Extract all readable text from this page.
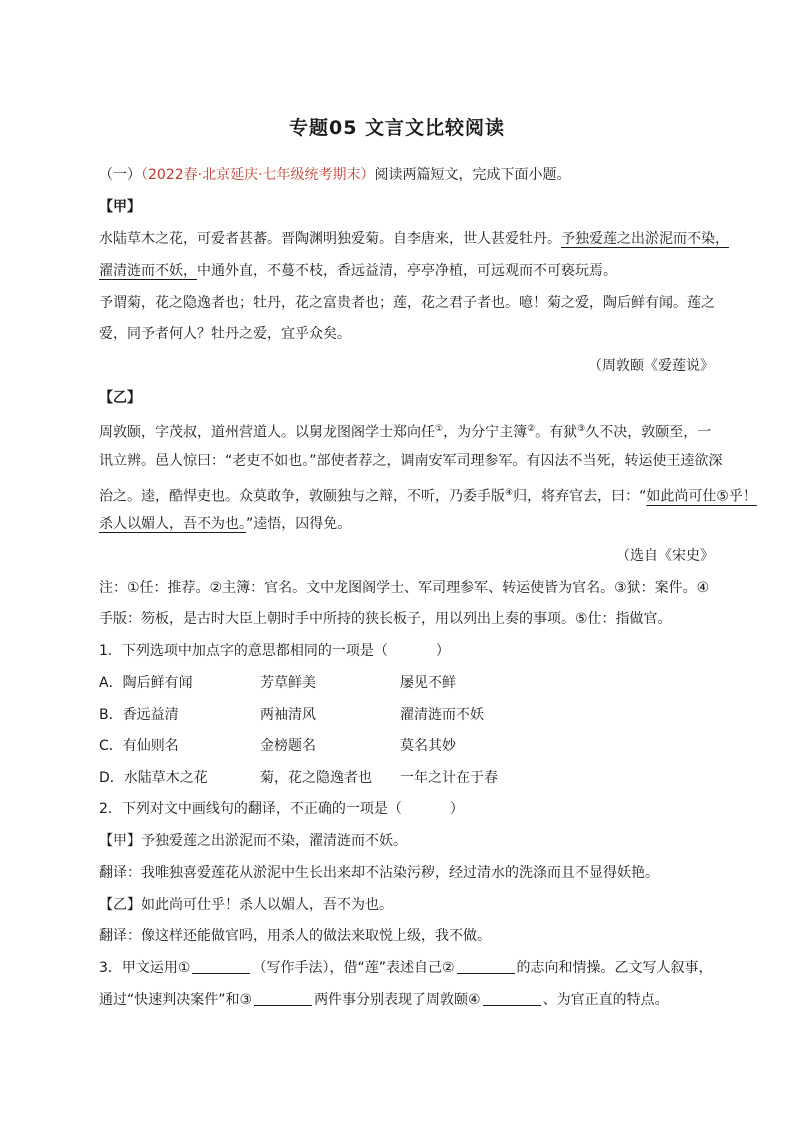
专题05 文言文比较阅读
（一）（2022春·北京延庆·七年级统考期末）阅读两篇短文，完成下面小题。
【甲】
水陆草木之花，可爱者甚蕃。晋陶渊明独爱菊。自李唐来，世人甚爱牡丹。予独爱莲之出淤泥而不染，
濯清涟而不妖，中通外直，不蔓不枝，香远益清，亭亭净植，可远观而不可亵玩焉。
予谓菊，花之隐逸者也；牡丹，花之富贵者也；莲，花之君子者也。噫！菊之爱，陶后鲜有闻。莲之
爱，同予者何人？牡丹之爱，宜乎众矣。
（周敦颐《爱莲说》
【乙】
周敦颐，字茂叔，道州营道人。以舅龙图阁学士郑向任①，为分宁主簿②。有狱③久不决，敦颐至，一
讯立辨。邑人惊曰：“老吏不如也。”部使者荐之，调南安军司理参军。有囚法不当死，转运使王逵欲深
治之。逵，酷悍吏也。众莫敢争，敦颐独与之辩，不听，乃委手版④归，将弃官去，曰：“如此尚可仕⑤乎！
杀人以媚人，吾不为也。”逵悟，囚得免。
（选自《宋史》
注：①任：推荐。②主簿：官名。文中龙图阁学士、军司理参军、转运使皆为官名。③狱：案件。④
手版：笏板，是古时大臣上朝时手中所持的狭长板子，用以列出上奏的事项。⑤仕：指做官。
1．下列选项中加点字的意思都相同的一项是（	）
A．陶后鲜有闻	芳草鲜美	屡见不鲜
B．香远益清	两袖清风	濯清涟而不妖
C．有仙则名	金榜题名	莫名其妙
D．水陆草木之花	菊，花之隐逸者也 一年之计在于春
2．下列对文中画线句的翻译，不正确的一项是（	）
【甲】予独爱莲之出淤泥而不染，濯清涟而不妖。
翻译：我唯独喜爱莲花从淤泥中生长出来却不沾染污秽，经过清水的洗涤而且不显得妖艳。
【乙】如此尚可仕乎！杀人以媚人，吾不为也。
翻译：像这样还能做官吗，用杀人的做法来取悦上级，我不做。
3．甲文运用①	（写作手法），借“莲”表述自己②	的志向和情操。乙文写人叙事，
通过“快速判决案件”和③	两件事分别表现了周敦颐④	、为官正直的特点。
